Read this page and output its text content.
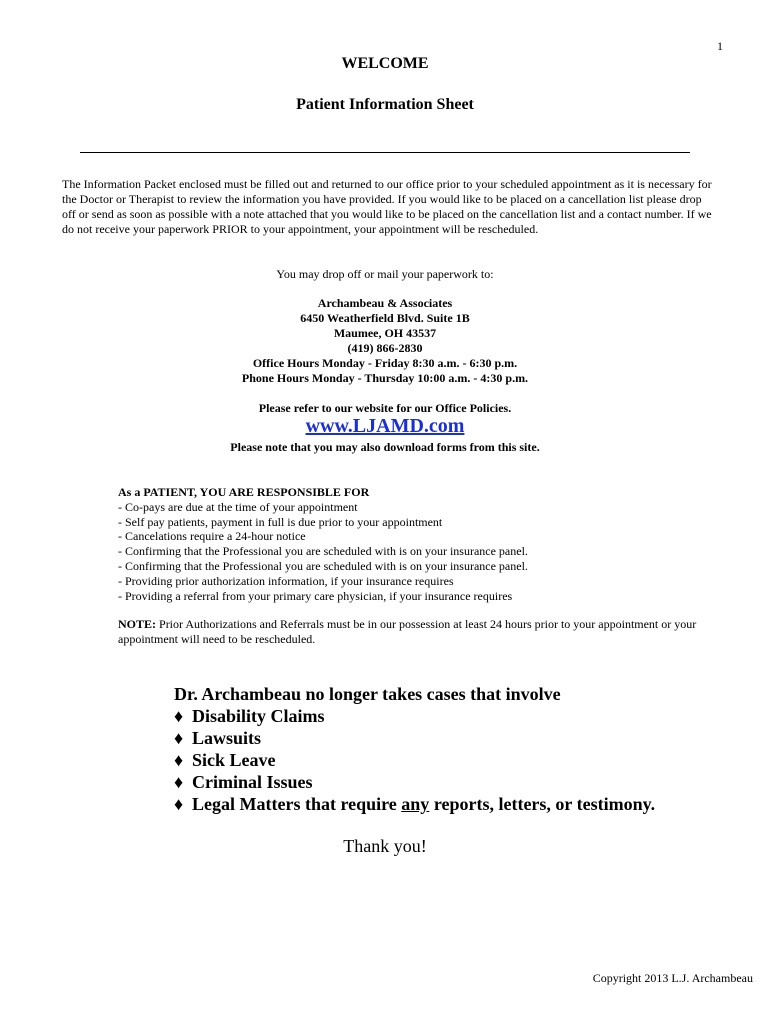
1
WELCOME
Patient Information Sheet

The Information Packet enclosed must be filled out and returned to our office prior to your scheduled appointment as it is necessary for the Doctor or Therapist to review the information you have provided. If you would like to be placed on a cancellation list please drop off or send as soon as possible with a note attached that you would like to be placed on the cancellation list and a contact number. If we do not receive your paperwork PRIOR to your appointment, your appointment will be rescheduled.

You may drop off or mail your paperwork to:
Archambeau & Associates
6450 Weatherfield Blvd. Suite 1B
Maumee, OH 43537
(419) 866-2830
Office Hours Monday - Friday 8:30 a.m. - 6:30 p.m.
Phone Hours Monday - Thursday 10:00 a.m. - 4:30 p.m.
Please refer to our website for our Office Policies.
www.LJAMD.com
Please note that you may also download forms from this site.
As a PATIENT, YOU ARE RESPONSIBLE FOR
- Co-pays are due at the time of your appointment
- Self pay patients, payment in full is due prior to your appointment
- Cancelations require a 24-hour notice
- Confirming that the Professional you are scheduled with is on your insurance panel.
- Confirming that the Professional you are scheduled with is on your insurance panel.
- Providing prior authorization information, if your insurance requires
- Providing a referral from your primary care physician, if your insurance requires

NOTE: Prior Authorizations and Referrals must be in our possession at least 24 hours prior to your appointment or your appointment will need to be rescheduled.

Dr. Archambeau no longer takes cases that involve
♦ Disability Claims
♦ Lawsuits
♦ Sick Leave
♦ Criminal Issues
♦ Legal Matters that require any reports, letters, or testimony.
Thank you!
Copyright 2013 L.J. Archambeau
